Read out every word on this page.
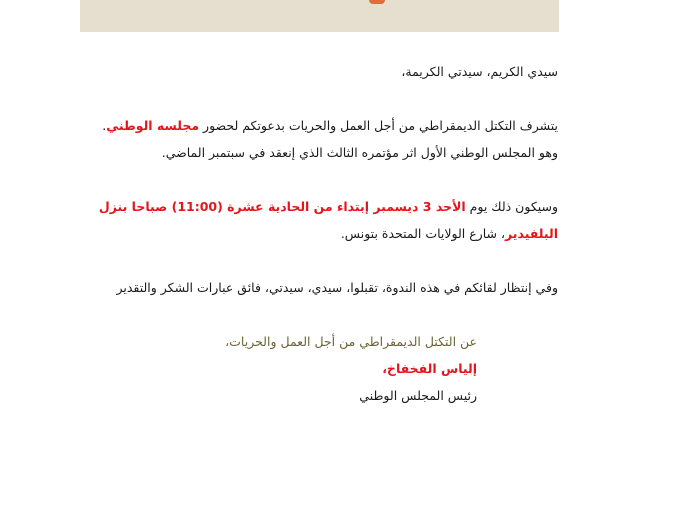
سيدي الكريم، سيدتي الكريمة،

يتشرف التكتل الديمقراطي من أجل العمل والحريات بدعوتكم لحضور مجلسه الوطني. وهو المجلس الوطني الأول اثر مؤتمره الثالث الذي إنعقد في سبتمبر الماضي.

وسيكون ذلك يوم الأحد 3 ديسمبر إبتداء من الحادية عشرة (11:00) صباحا بنزل البلفيدير، شارع الولايات المتحدة بتونس.

وفي إنتظار لقائكم في هذه الندوة، تقبلوا، سيدي، سيدتي، فائق عبارات الشكر والتقدير

عن التكتل الديمقراطي من أجل العمل والحريات،

إلياس الفخفاخ،

رئيس المجلس الوطني
